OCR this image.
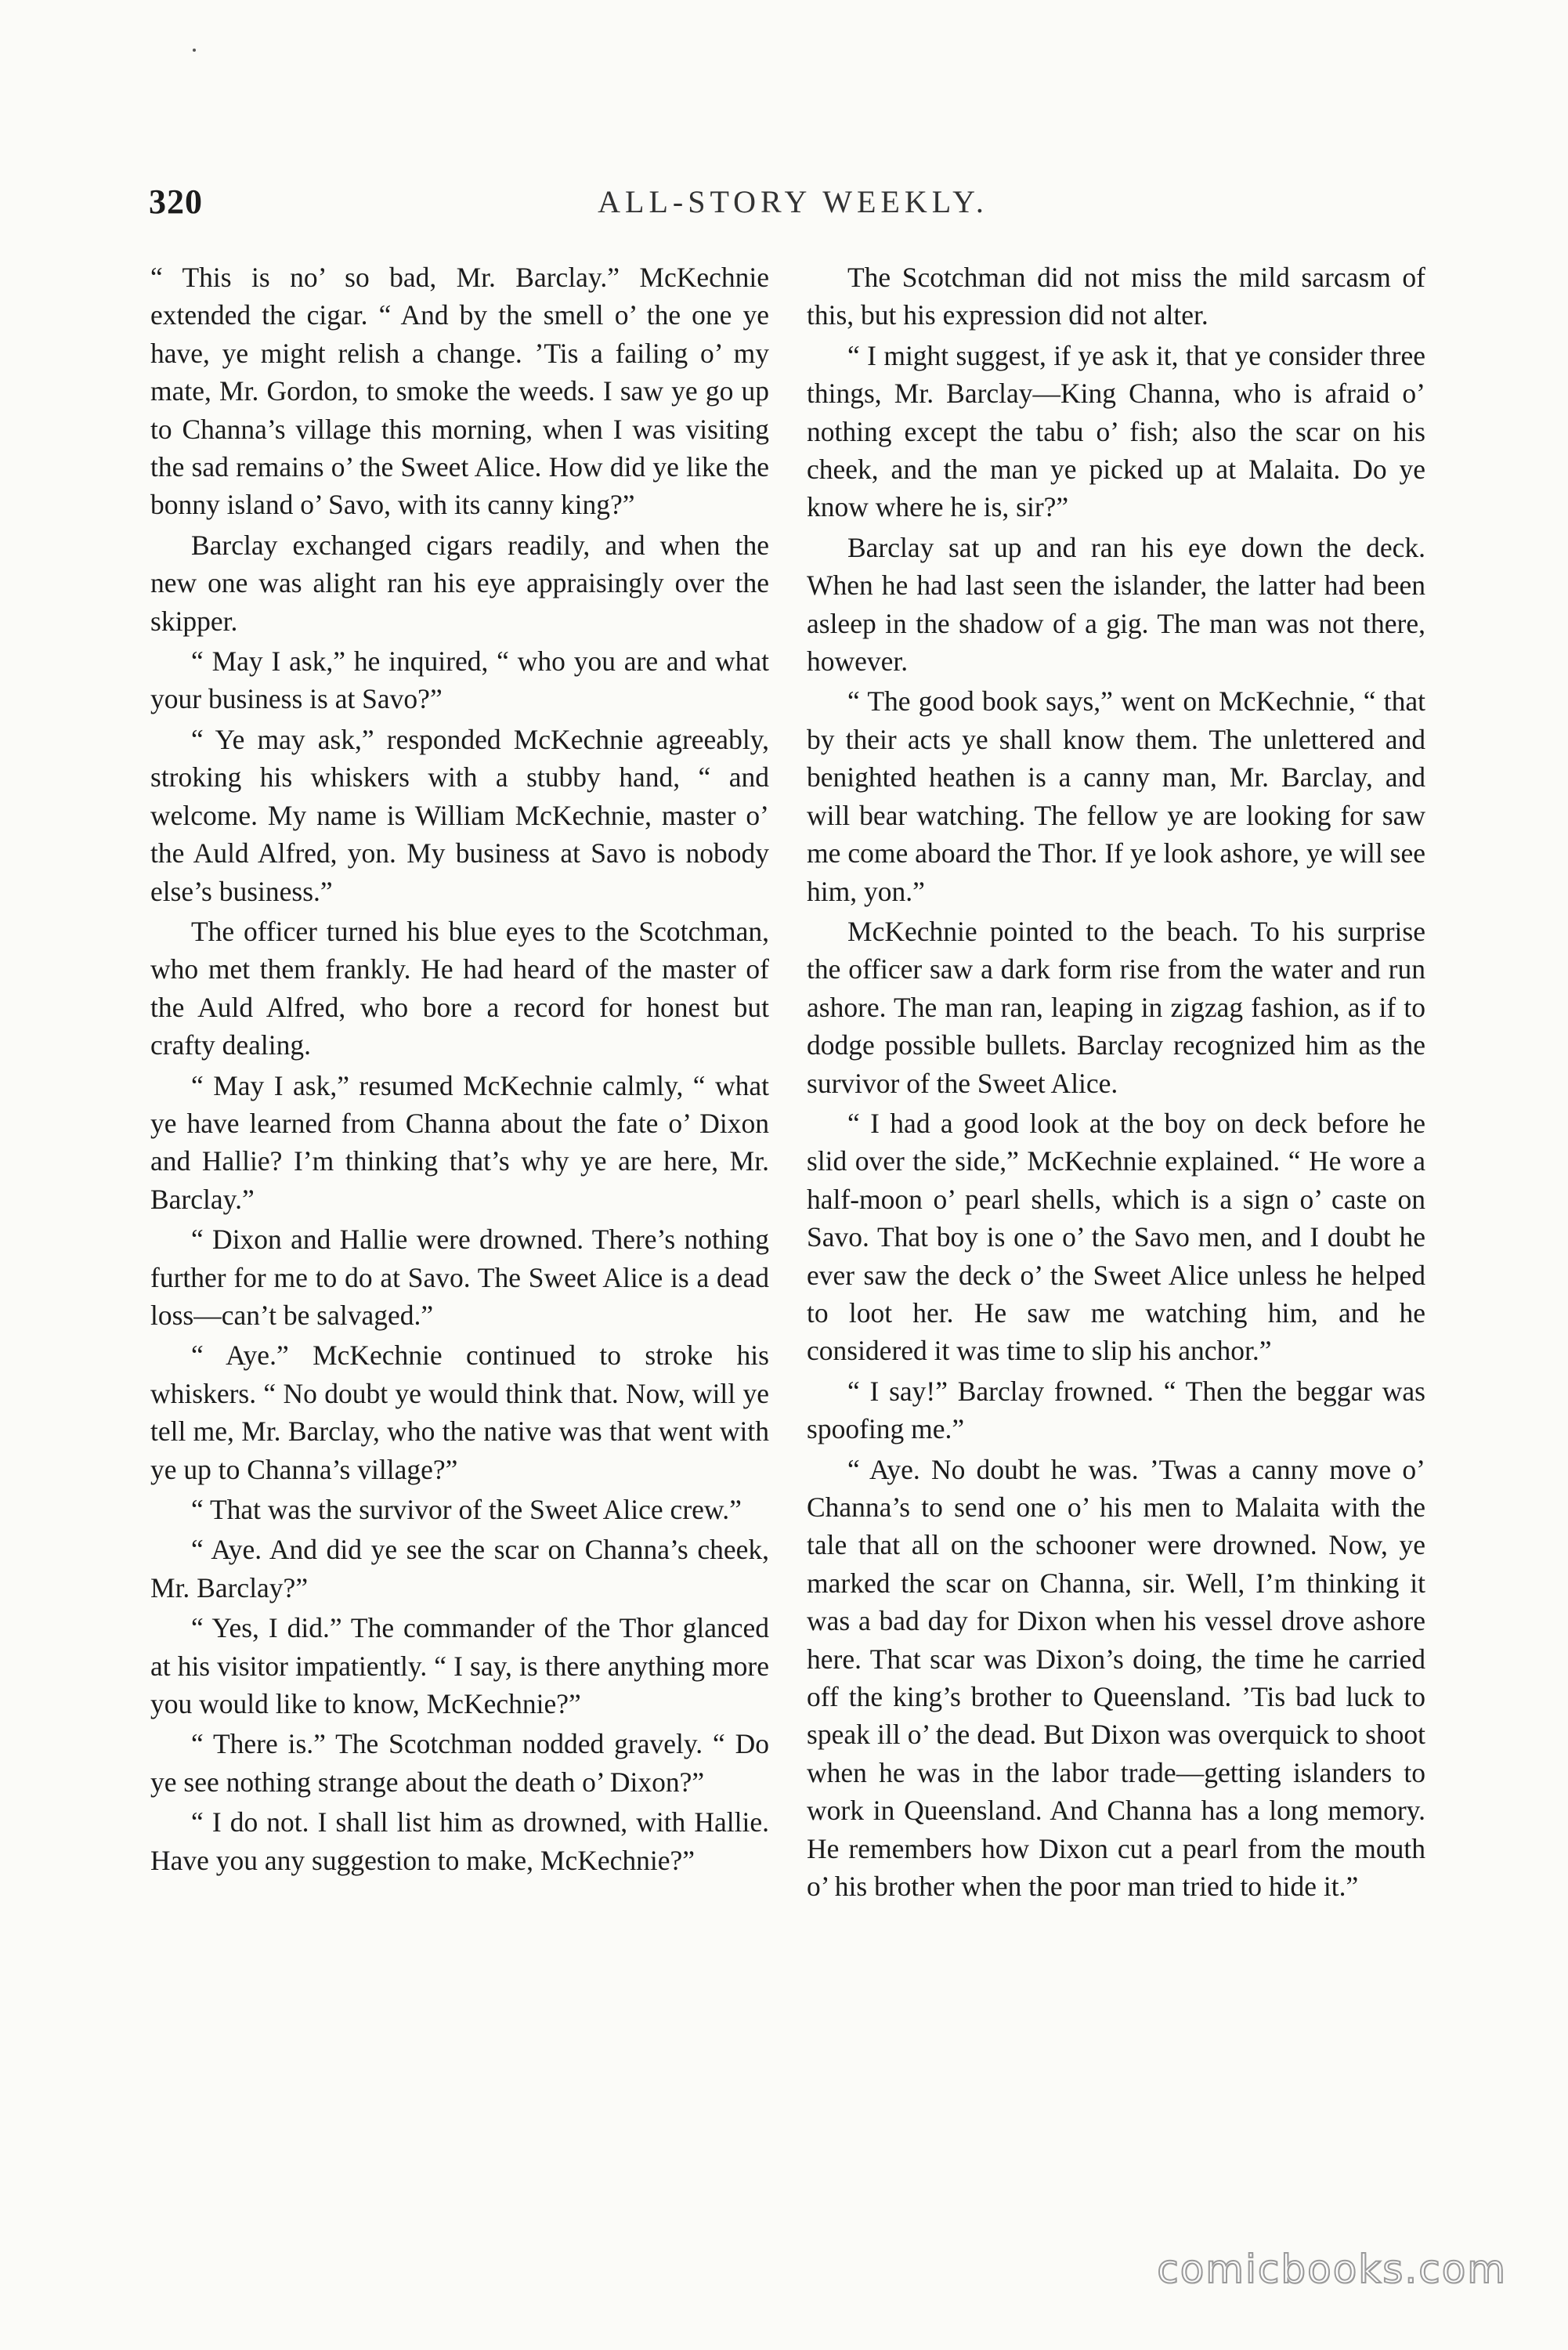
320	ALL-STORY WEEKLY.

“ This is no’ so bad, Mr. Barclay.” McKechnie extended the cigar. “ And by the smell o’ the one ye have, ye might relish a change. ’Tis a failing o’ my mate, Mr. Gordon, to smoke the weeds. I saw ye go up to Channa’s village this morning, when I was visiting the sad remains o’ the Sweet Alice. How did ye like the bonny island o’ Savo, with its canny king?”

Barclay exchanged cigars readily, and when the new one was alight ran his eye appraisingly over the skipper.

“ May I ask,” he inquired, “ who you are and what your business is at Savo?”

“ Ye may ask,” responded McKechnie agreeably, stroking his whiskers with a stubby hand, “ and welcome. My name is William McKechnie, master o’ the Auld Alfred, yon. My business at Savo is nobody else’s business.”

The officer turned his blue eyes to the Scotchman, who met them frankly. He had heard of the master of the Auld Alfred, who bore a record for honest but crafty dealing.

“ May I ask,” resumed McKechnie calmly, “ what ye have learned from Channa about the fate o’ Dixon and Hallie? I’m thinking that’s why ye are here, Mr. Barclay.”

“ Dixon and Hallie were drowned. There’s nothing further for me to do at Savo. The Sweet Alice is a dead loss—can’t be salvaged.”

“ Aye.” McKechnie continued to stroke his whiskers. “ No doubt ye would think that. Now, will ye tell me, Mr. Barclay, who the native was that went with ye up to Channa’s village?”

“ That was the survivor of the Sweet Alice crew.”

“ Aye. And did ye see the scar on Channa’s cheek, Mr. Barclay?”

“ Yes, I did.” The commander of the Thor glanced at his visitor impatiently. “ I say, is there anything more you would like to know, McKechnie?”

“ There is.” The Scotchman nodded gravely. “ Do ye see nothing strange about the death o’ Dixon?”

“ I do not. I shall list him as drowned, with Hallie. Have you any suggestion to make, McKechnie?”

The Scotchman did not miss the mild sarcasm of this, but his expression did not alter.

“ I might suggest, if ye ask it, that ye consider three things, Mr. Barclay—King Channa, who is afraid o’ nothing except the tabu o’ fish; also the scar on his cheek, and the man ye picked up at Malaita. Do ye know where he is, sir?”

Barclay sat up and ran his eye down the deck. When he had last seen the islander, the latter had been asleep in the shadow of a gig. The man was not there, however.

“ The good book says,” went on McKechnie, “ that by their acts ye shall know them. The unlettered and benighted heathen is a canny man, Mr. Barclay, and will bear watching. The fellow ye are looking for saw me come aboard the Thor. If ye look ashore, ye will see him, yon.”

McKechnie pointed to the beach. To his surprise the officer saw a dark form rise from the water and run ashore. The man ran, leaping in zigzag fashion, as if to dodge possible bullets. Barclay recognized him as the survivor of the Sweet Alice.

“ I had a good look at the boy on deck before he slid over the side,” McKechnie explained. “ He wore a half-moon o’ pearl shells, which is a sign o’ caste on Savo. That boy is one o’ the Savo men, and I doubt he ever saw the deck o’ the Sweet Alice unless he helped to loot her. He saw me watching him, and he considered it was time to slip his anchor.”

“ I say!” Barclay frowned. “ Then the beggar was spoofing me.”

“ Aye. No doubt he was. ’Twas a canny move o’ Channa’s to send one o’ his men to Malaita with the tale that all on the schooner were drowned. Now, ye marked the scar on Channa, sir. Well, I’m thinking it was a bad day for Dixon when his vessel drove ashore here. That scar was Dixon’s doing, the time he carried off the king’s brother to Queensland. ’Tis bad luck to speak ill o’ the dead. But Dixon was overquick to shoot when he was in the labor trade—getting islanders to work in Queensland. And Channa has a long memory. He remembers how Dixon cut a pearl from the mouth o’ his brother when the poor man tried to hide it.”

comicbooks.com
